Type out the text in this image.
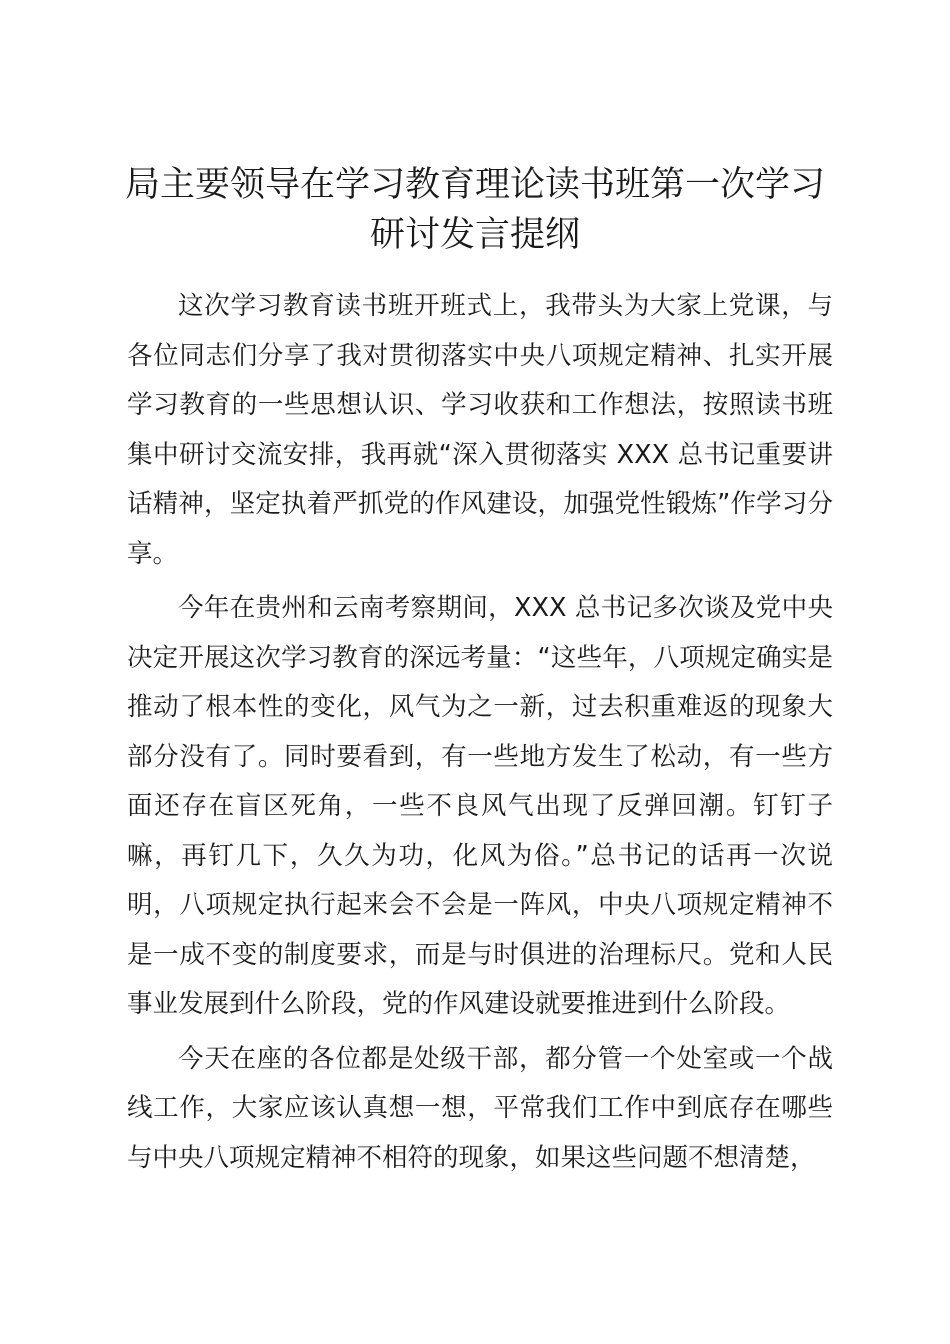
局主要领导在学习教育理论读书班第一次学习研讨发言提纲

这次学习教育读书班开班式上，我带头为大家上党课，与各位同志们分享了我对贯彻落实中央八项规定精神、扎实开展学习教育的一些思想认识、学习收获和工作想法，按照读书班集中研讨交流安排，我再就“深入贯彻落实 XXX 总书记重要讲话精神，坚定执着严抓党的作风建设，加强党性锻炼”作学习分享。

今年在贵州和云南考察期间，XXX 总书记多次谈及党中央决定开展这次学习教育的深远考量：“这些年，八项规定确实是推动了根本性的变化，风气为之一新，过去积重难返的现象大部分没有了。同时要看到，有一些地方发生了松动，有一些方面还存在盲区死角，一些不良风气出现了反弹回潮。钉钉子嘛，再钉几下，久久为功，化风为俗。”总书记的话再一次说明，八项规定执行起来会不会是一阵风，中央八项规定精神不是一成不变的制度要求，而是与时俱进的治理标尺。党和人民事业发展到什么阶段，党的作风建设就要推进到什么阶段。

今天在座的各位都是处级干部，都分管一个处室或一个战线工作，大家应该认真想一想，平常我们工作中到底存在哪些与中央八项规定精神不相符的现象，如果这些问题不想清楚，
